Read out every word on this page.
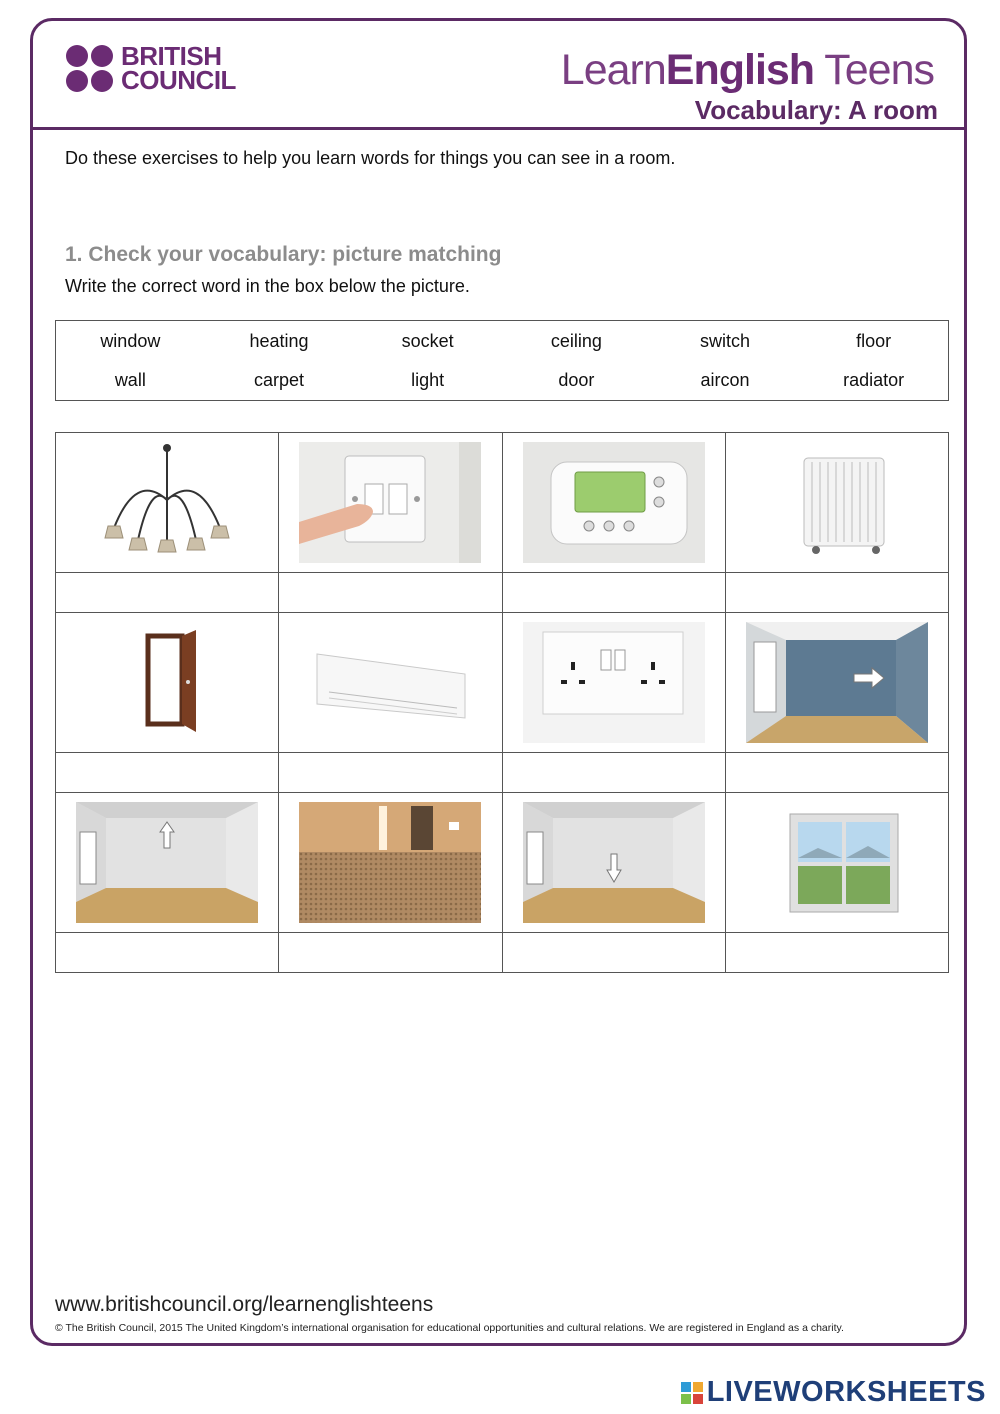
BRITISH
COUNCIL	LearnEnglish Teens
Vocabulary: A room
Do these exercises to help you learn words for things you can see in a room.
1. Check your vocabulary: picture matching
Write the correct word in the box below the picture.
window	heating	socket	ceiling	switch	floor
wall	carpet	light	door	aircon	radiator

www.britishcouncil.org/learnenglishteens
© The British Council, 2015 The United Kingdom’s international organisation for educational opportunities and cultural relations. We are registered in England as a charity.
LIVEWORKSHEETS
